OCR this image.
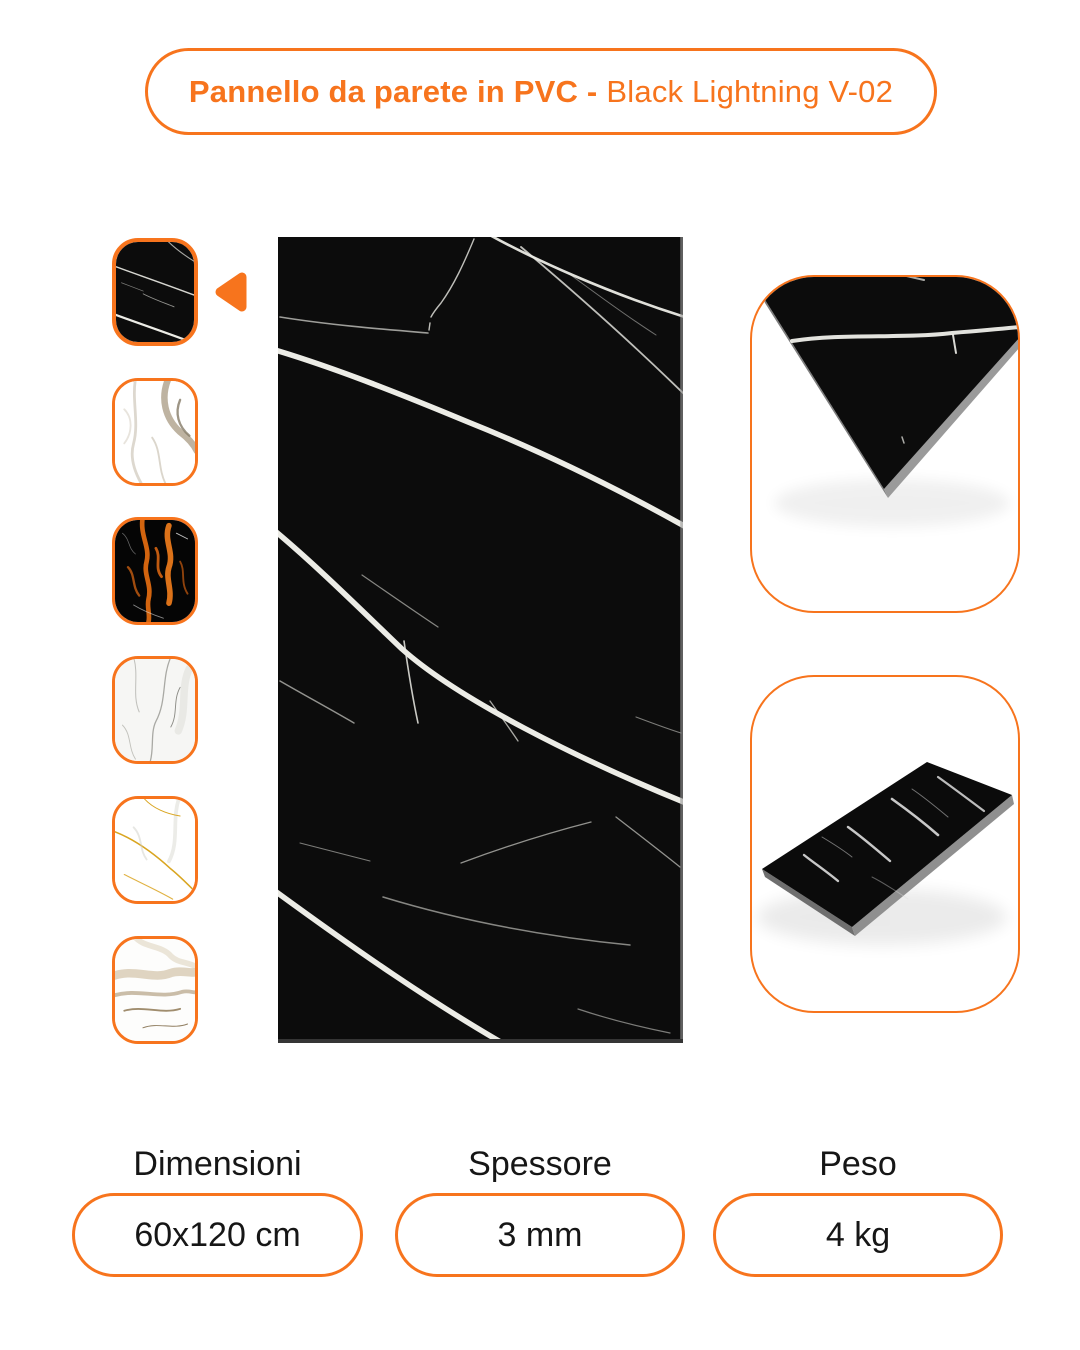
Pannello da parete in PVC - Black Lightning V-02
Dimensioni	Spessore	Peso
60x120 cm	3 mm	4 kg
